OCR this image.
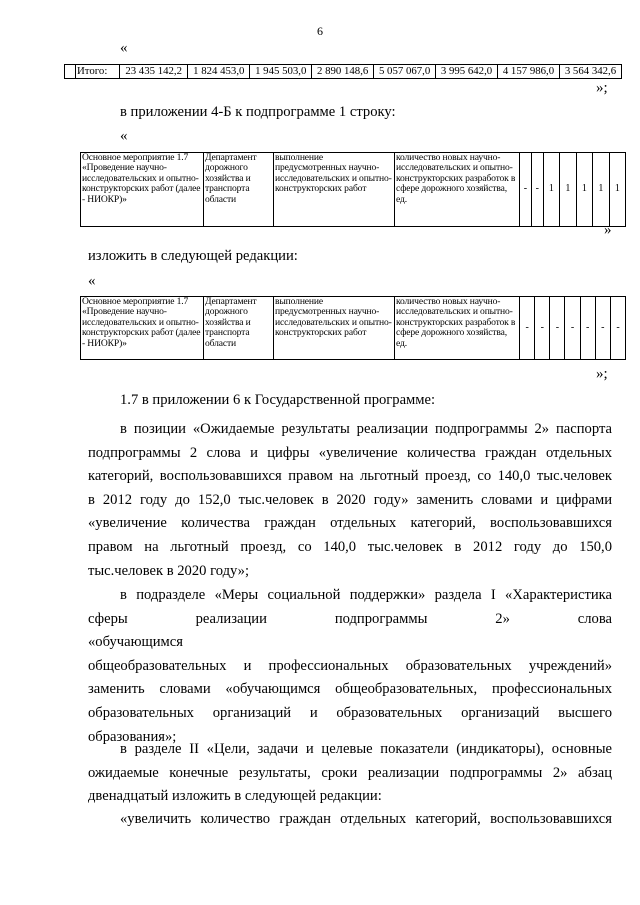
6
«
	Итого:	23 435 142,2	1 824 453,0	1 945 503,0	2 890 148,6	5 057 067,0	3 995 642,0	4 157 986,0	3 564 342,6
»;
в приложении 4-Б к подпрограмме 1 строку:
«
Основное мероприятие 1.7 «Проведение научно-исследовательских и опытно-конструкторских работ (далее - НИОКР)»	Департамент дорожного хозяйства и транспорта области	выполнение предусмотренных научно-исследовательских и опытно-конструкторских работ	количество новых научно-исследовательских и опытно-конструкторских разработок в сфере дорожного хозяйства, ед.	-	-	1	1	1	1	1
»
изложить в следующей редакции:
«
Основное мероприятие 1.7 «Проведение научно-исследовательских и опытно-конструкторских работ (далее - НИОКР)»	Департамент дорожного хозяйства и транспорта области	выполнение предусмотренных научно-исследовательских и опытно-конструкторских работ	количество новых научно-исследовательских и опытно-конструкторских разработок в сфере дорожного хозяйства, ед.	-	-	-	-	-	-	-
»;
1.7 в приложении 6 к Государственной программе:
в позиции «Ожидаемые результаты реализации подпрограммы 2» паспорта
подпрограммы 2 слова и цифры «увеличение количества граждан отдельных
категорий, воспользовавшихся правом на льготный проезд, со 140,0 тыс.человек
в 2012 году до 152,0 тыс.человек в 2020 году» заменить словами и цифрами
«увеличение количества граждан отдельных категорий, воспользовавшихся
правом на льготный проезд, со 140,0 тыс.человек в 2012 году до 150,0
тыс.человек в 2020 году»;
в подразделе «Меры социальной поддержки» раздела I «Характеристика
сферы реализации подпрограммы 2» слова «обучающимся
общеобразовательных и профессиональных образовательных учреждений»
заменить словами «обучающимся общеобразовательных, профессиональных
образовательных организаций и образовательных организаций высшего
образования»;
в разделе II «Цели, задачи и целевые показатели (индикаторы), основные
ожидаемые конечные результаты, сроки реализации подпрограммы 2» абзац
двенадцатый изложить в следующей редакции:
«увеличить количество граждан отдельных категорий, воспользовавшихся
